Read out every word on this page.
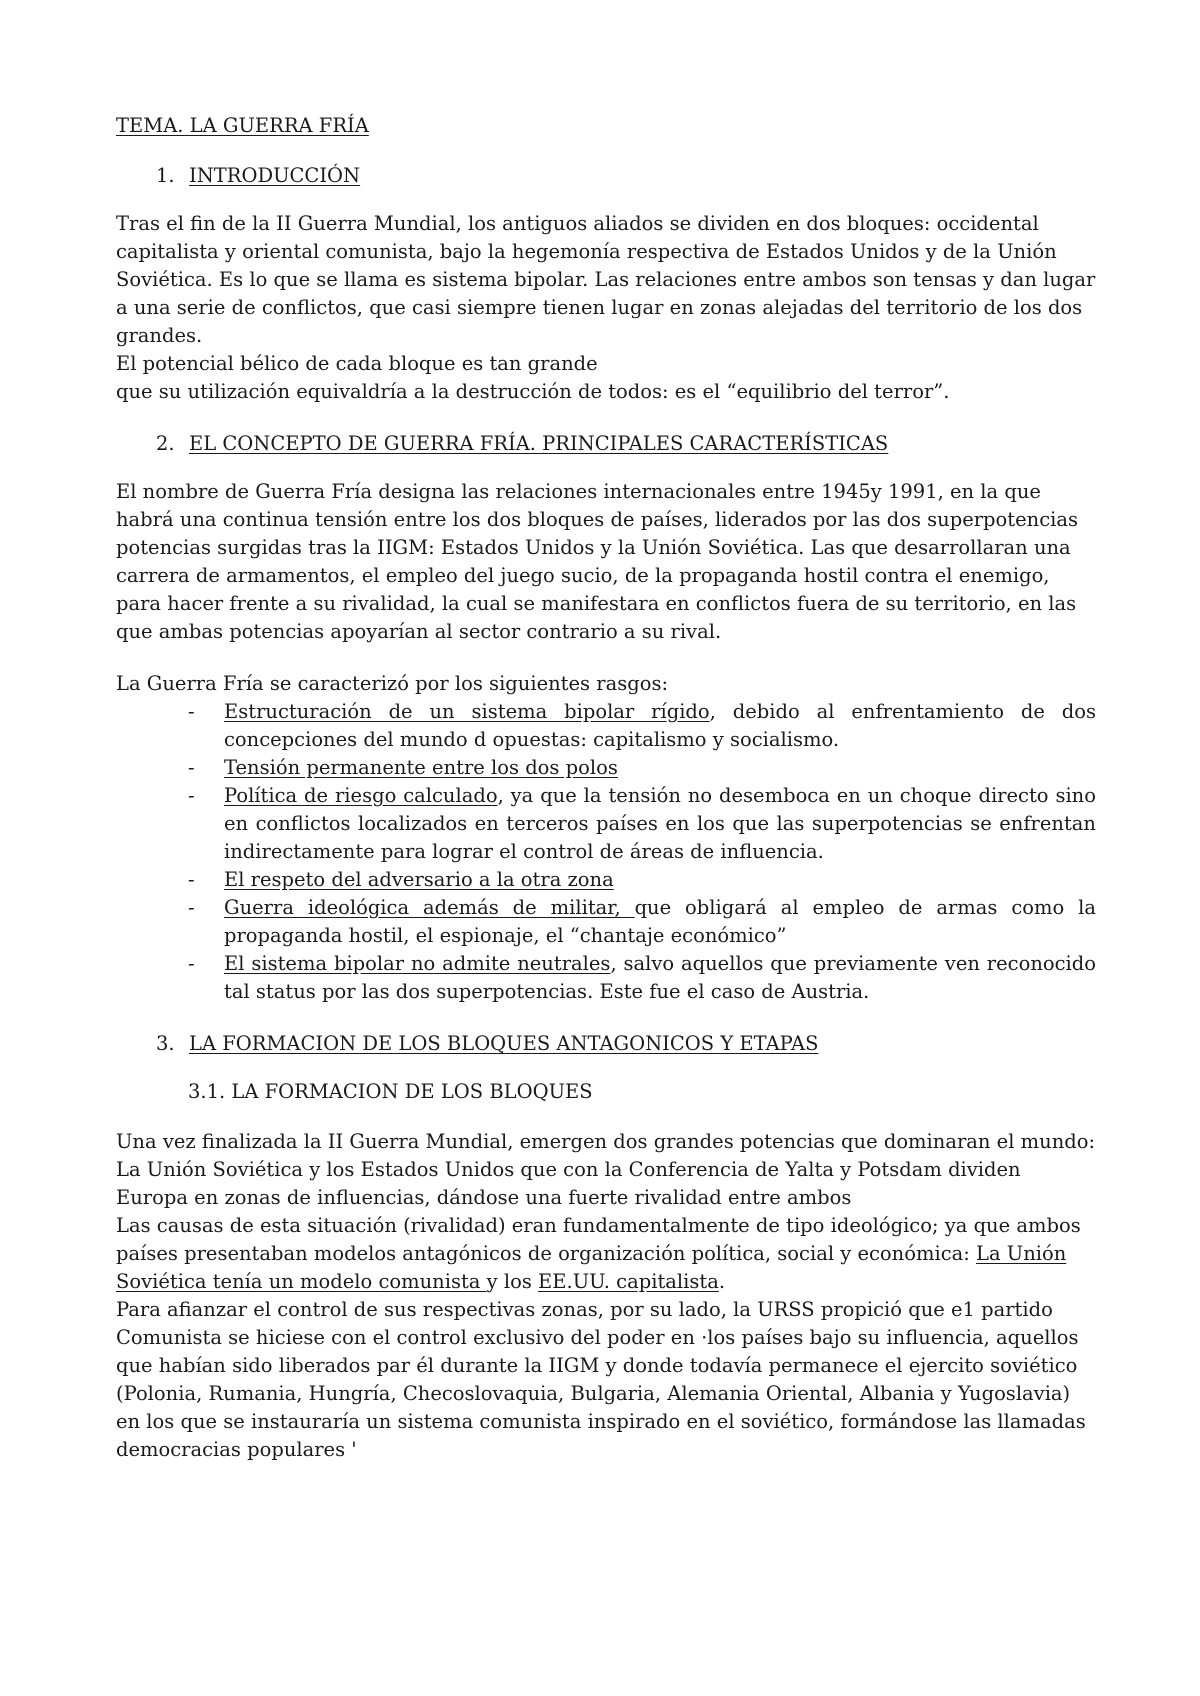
TEMA. LA GUERRA FRÍA
1. INTRODUCCIÓN

Tras el fin de la II Guerra Mundial, los antiguos aliados se dividen en dos bloques: occidental capitalista y oriental comunista, bajo la hegemonía respectiva de Estados Unidos y de la Unión Soviética. Es lo que se llama es sistema bipolar. Las relaciones entre ambos son tensas y dan lugar a una serie de conflictos, que casi siempre tienen lugar en zonas alejadas del territorio de los dos grandes.

El potencial bélico de cada bloque es tan grande

que su utilización equivaldría a la destrucción de todos: es el “equilibrio del terror”.

2. EL CONCEPTO DE GUERRA FRÍA. PRINCIPALES CARACTERÍSTICAS

El nombre de Guerra Fría designa las relaciones internacionales entre 1945y 1991, en la que habrá una continua tensión entre los dos bloques de países, liderados por las dos superpotencias potencias surgidas tras la IIGM: Estados Unidos y la Unión Soviética. Las que desarrollaran una carrera de armamentos, el empleo del juego sucio, de la propaganda hostil contra el enemigo, para hacer frente a su rivalidad, la cual se manifestara en conflictos fuera de su territorio, en las que ambas potencias apoyarían al sector contrario a su rival.

La Guerra Fría se caracterizó por los siguientes rasgos:

- Estructuración de un sistema bipolar rígido, debido al enfrentamiento de dos concepciones del mundo d opuestas: capitalismo y socialismo.
- Tensión permanente entre los dos polos
- Política de riesgo calculado, ya que la tensión no desemboca en un choque directo sino en conflictos localizados en terceros países en los que las superpotencias se enfrentan indirectamente para lograr el control de áreas de influencia.
- El respeto del adversario a la otra zona
- Guerra ideológica además de militar, que obligará al empleo de armas como la propaganda hostil, el espionaje, el “chantaje económico”
- El sistema bipolar no admite neutrales, salvo aquellos que previamente ven reconocido tal status por las dos superpotencias. Este fue el caso de Austria.
3. LA FORMACION DE LOS BLOQUES ANTAGONICOS Y ETAPAS
3.1. LA FORMACION DE LOS BLOQUES

Una vez finalizada la II Guerra Mundial, emergen dos grandes potencias que dominaran el mundo: La Unión Soviética y los Estados Unidos que con la Conferencia de Yalta y Potsdam dividen Europa en zonas de influencias, dándose una fuerte rivalidad entre ambos

Las causas de esta situación (rivalidad) eran fundamentalmente de tipo ideológico; ya que ambos países presentaban modelos antagónicos de organización política, social y económica: La Unión Soviética tenía un modelo comunista y los EE.UU. capitalista.

Para afianzar el control de sus respectivas zonas, por su lado, la URSS propició que e1 partido Comunista se hiciese con el control exclusivo del poder en ·los países bajo su influencia, aquellos que habían sido liberados par él durante la IIGM y donde todavía permanece el ejercito soviético (Polonia, Rumania, Hungría, Checoslovaquia, Bulgaria, Alemania Oriental, Albania y Yugoslavia) en los que se instauraría un sistema comunista inspirado en el soviético, formándose las llamadas democracias populares '
